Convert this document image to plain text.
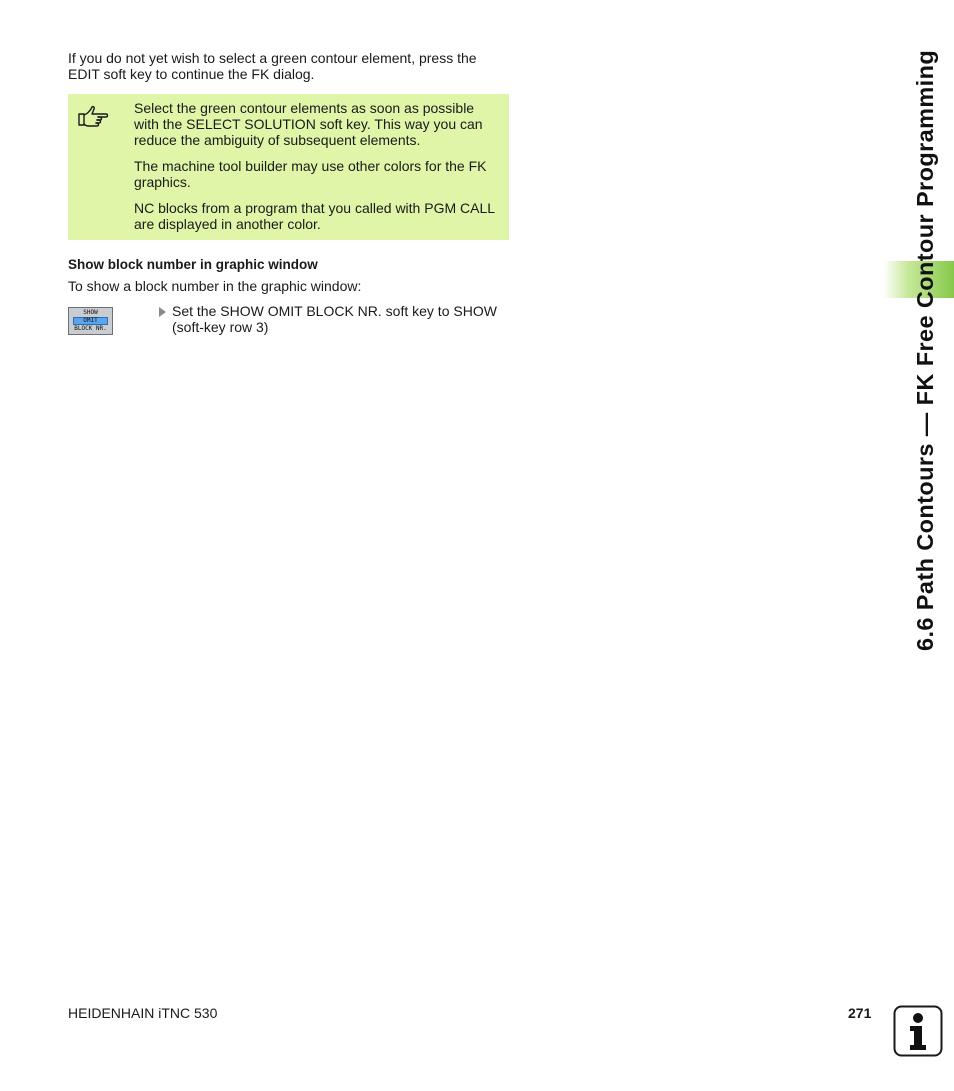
If you do not yet wish to select a green contour element, press the EDIT soft key to continue the FK dialog.

Select the green contour elements as soon as possible with the SELECT SOLUTION soft key. This way you can reduce the ambiguity of subsequent elements.

The machine tool builder may use other colors for the FK graphics.

NC blocks from a program that you called with PGM CALL are displayed in another color.

Show block number in graphic window

To show a block number in the graphic window:

SHOW
OMIT
BLOCK NR.
Set the SHOW OMIT BLOCK NR. soft key to SHOW (soft-key row 3)	6.6 Path Contours — FK Free Contour Programming
HEIDENHAIN iTNC 530	271
